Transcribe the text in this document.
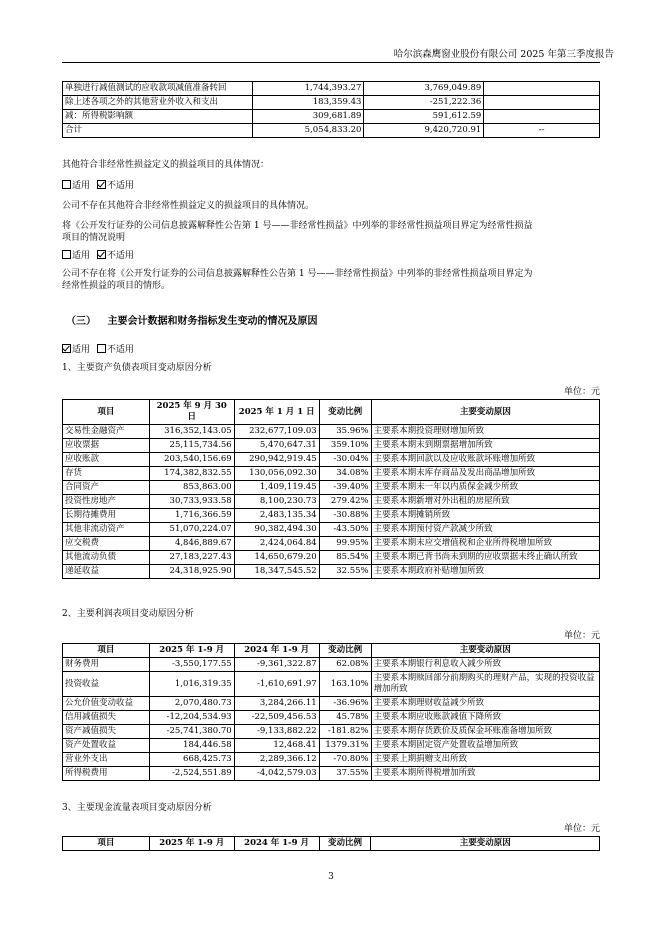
哈尔滨森鹰窗业股份有限公司 2025 年第三季度报告
单独进行减值测试的应收款项减值准备转回	1,744,393.27	3,769,049.89	
除上述各项之外的其他营业外收入和支出	183,359.43	-251,222.36	
减：所得税影响额	309,681.89	591,612.59	
合计	5,054,833.20	9,420,720.91	--
其他符合非经常性损益定义的损益项目的具体情况：
适用 不适用
公司不存在其他符合非经常性损益定义的损益项目的具体情况。
将《公开发行证券的公司信息披露解释性公告第 1 号——非经常性损益》中列举的非经常性损益项目界定为经常性损益
项目的情况说明
适用 不适用
公司不存在将《公开发行证券的公司信息披露解释性公告第 1 号——非经常性损益》中列举的非经常性损益项目界定为
经常性损益的项目的情形。
（三） 主要会计数据和财务指标发生变动的情况及原因
适用 不适用
1、主要资产负债表项目变动原因分析
单位：元
项目	2025 年 9 月 30 日	2025 年 1 月 1 日	变动比例	主要变动原因
交易性金融资产	316,352,143.05	232,677,109.03	35.96%	主要系本期投资理财增加所致
应收票据	25,115,734.56	5,470,647.31	359.10%	主要系本期末到期票据增加所致
应收账款	203,540,156.69	290,942,919.45	-30.04%	主要系本期回款以及应收账款坏账增加所致
存货	174,382,832.55	130,056,092.30	34.08%	主要系本期末库存商品及发出商品增加所致
合同资产	853,863.00	1,409,119.45	-39.40%	主要系本期末一年以内质保金减少所致
投资性房地产	30,733,933.58	8,100,230.73	279.42%	主要系本期新增对外出租的房屋所致
长期待摊费用	1,716,366.59	2,483,135.34	-30.88%	主要系本期摊销所致
其他非流动资产	51,070,224.07	90,382,494.30	-43.50%	主要系本期预付资产款减少所致
应交税费	4,846,889.67	2,424,064.84	99.95%	主要系本期末应交增值税和企业所得税增加所致
其他流动负债	27,183,227.43	14,650,679.20	85.54%	主要系本期已背书尚未到期的应收票据未终止确认所致
递延收益	24,318,925.90	18,347,545.52	32.55%	主要系本期政府补贴增加所致
2、主要利润表项目变动原因分析
单位：元
项目	2025 年 1-9 月	2024 年 1-9 月	变动比例	主要变动原因
财务费用	-3,550,177.55	-9,361,322.87	62.08%	主要系本期银行利息收入减少所致
投资收益	1,016,319.35	-1,610,691.97	163.10%	主要系本期赎回部分前期购买的理财产品，实现的投资收益增加所致
公允价值变动收益	2,070,480.73	3,284,266.11	-36.96%	主要系本期理财收益减少所致
信用减值损失	-12,204,534.93	-22,509,456.53	45.78%	主要系本期应收账款减值下降所致
资产减值损失	-25,741,380.70	-9,133,882.22	-181.82%	主要系本期存货跌价及质保金坏账准备增加所致
资产处置收益	184,446.58	12,468.41	1379.31%	主要系本期固定资产处置收益增加所致
营业外支出	668,425.73	2,289,366.12	-70.80%	主要系上期捐赠支出所致
所得税费用	-2,524,551.89	-4,042,579.03	37.55%	主要系本期所得税增加所致
3、主要现金流量表项目变动原因分析
单位：元
项目	2025 年 1-9 月	2024 年 1-9 月	变动比例	主要变动原因
3
